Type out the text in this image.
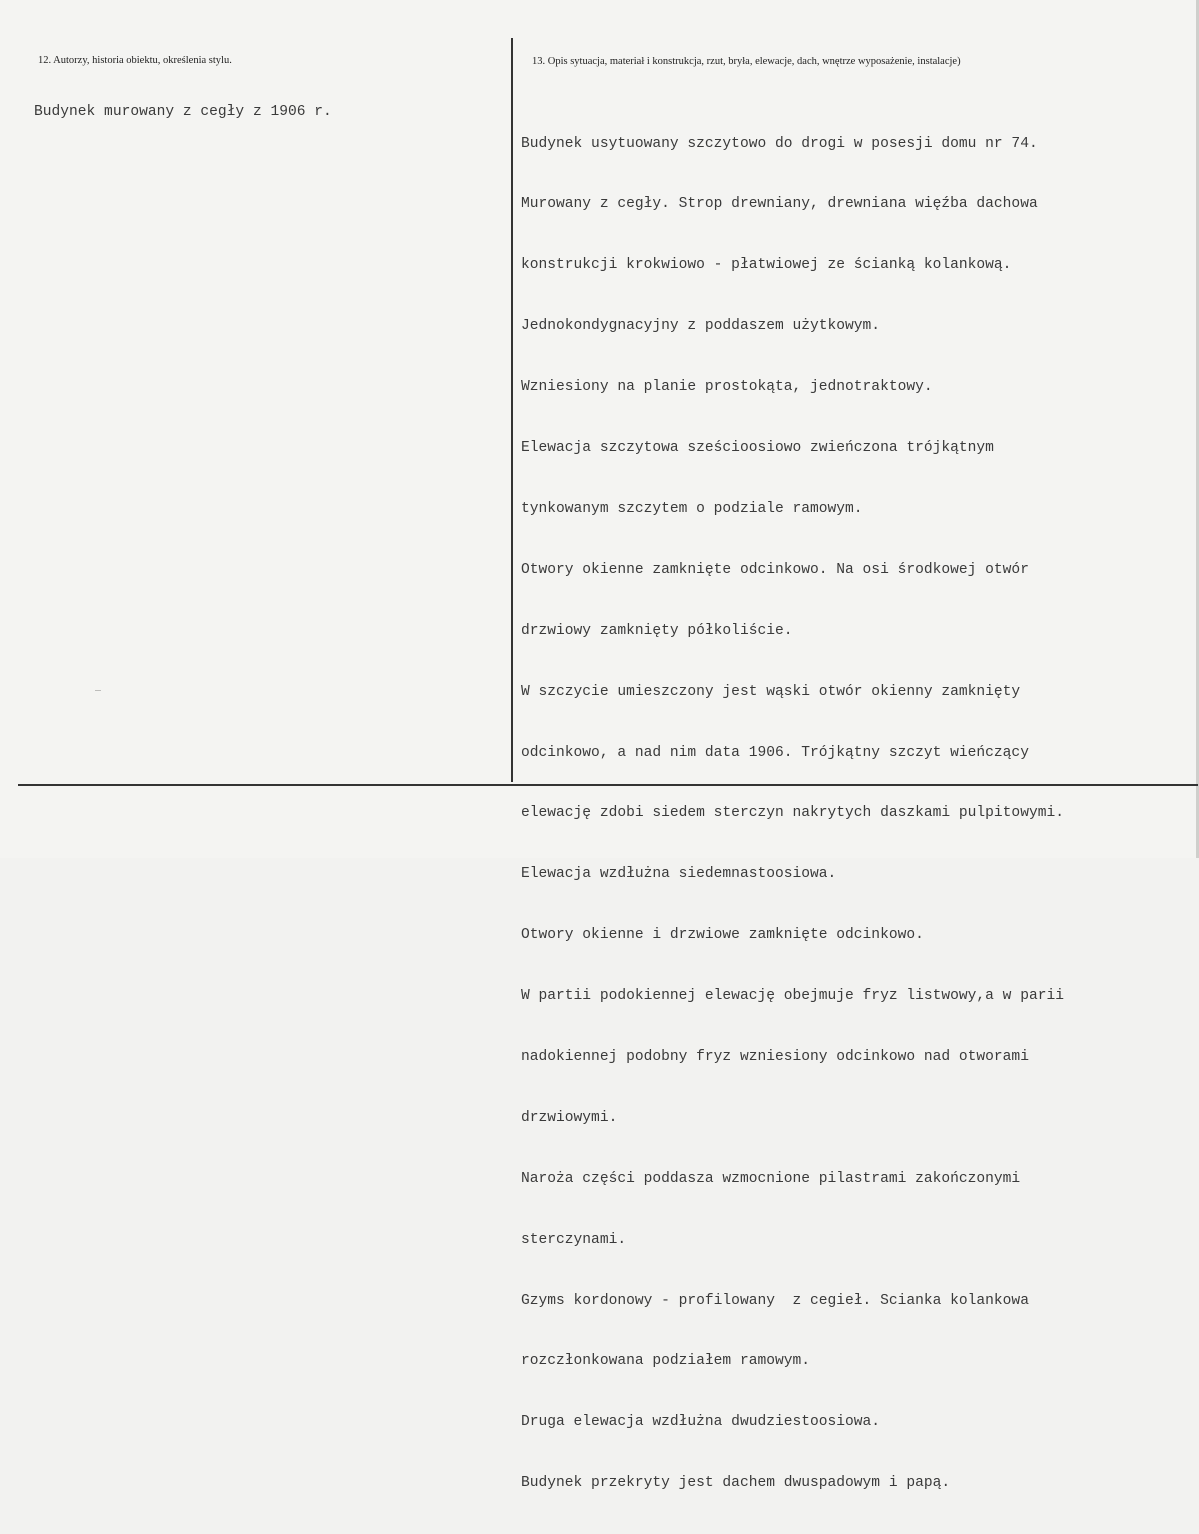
12. Autorzy, historia obiektu, określenia stylu.	13. Opis sytuacja, materiał i konstrukcja, rzut, bryła, elewacje, dach, wnętrze wyposażenie, instalacje)
Budynek murowany z cegły z 1906 r.

Budynek usytuowany szczytowo do drogi w posesji domu nr 74.

Murowany z cegły. Strop drewniany, drewniana więźba dachowa

konstrukcji krokwiowo - płatwiowej ze ścianką kolankową.

Jednokondygnacyjny z poddaszem użytkowym.

Wzniesiony na planie prostokąta, jednotraktowy.

Elewacja szczytowa sześcioosiowo zwieńczona trójkątnym

tynkowanym szczytem o podziale ramowym.

Otwory okienne zamknięte odcinkowo. Na osi środkowej otwór

drzwiowy zamknięty półkoliście.

W szczycie umieszczony jest wąski otwór okienny zamknięty

odcinkowo, a nad nim data 1906. Trójkątny szczyt wieńczący

elewację zdobi siedem sterczyn nakrytych daszkami pulpitowymi.

Elewacja wzdłużna siedemnastoosiowa.

Otwory okienne i drzwiowe zamknięte odcinkowo.

W partii podokiennej elewację obejmuje fryz listwowy,a w parii

nadokiennej podobny fryz wzniesiony odcinkowo nad otworami

drzwiowymi.

Naroża części poddasza wzmocnione pilastrami zakończonymi

sterczynami.

Gzyms kordonowy - profilowany  z cegieł. Scianka kolankowa

rozczłonkowana podziałem ramowym.

Druga elewacja wzdłużna dwudziestoosiowa.

Budynek przekryty jest dachem dwuspadowym i papą.
